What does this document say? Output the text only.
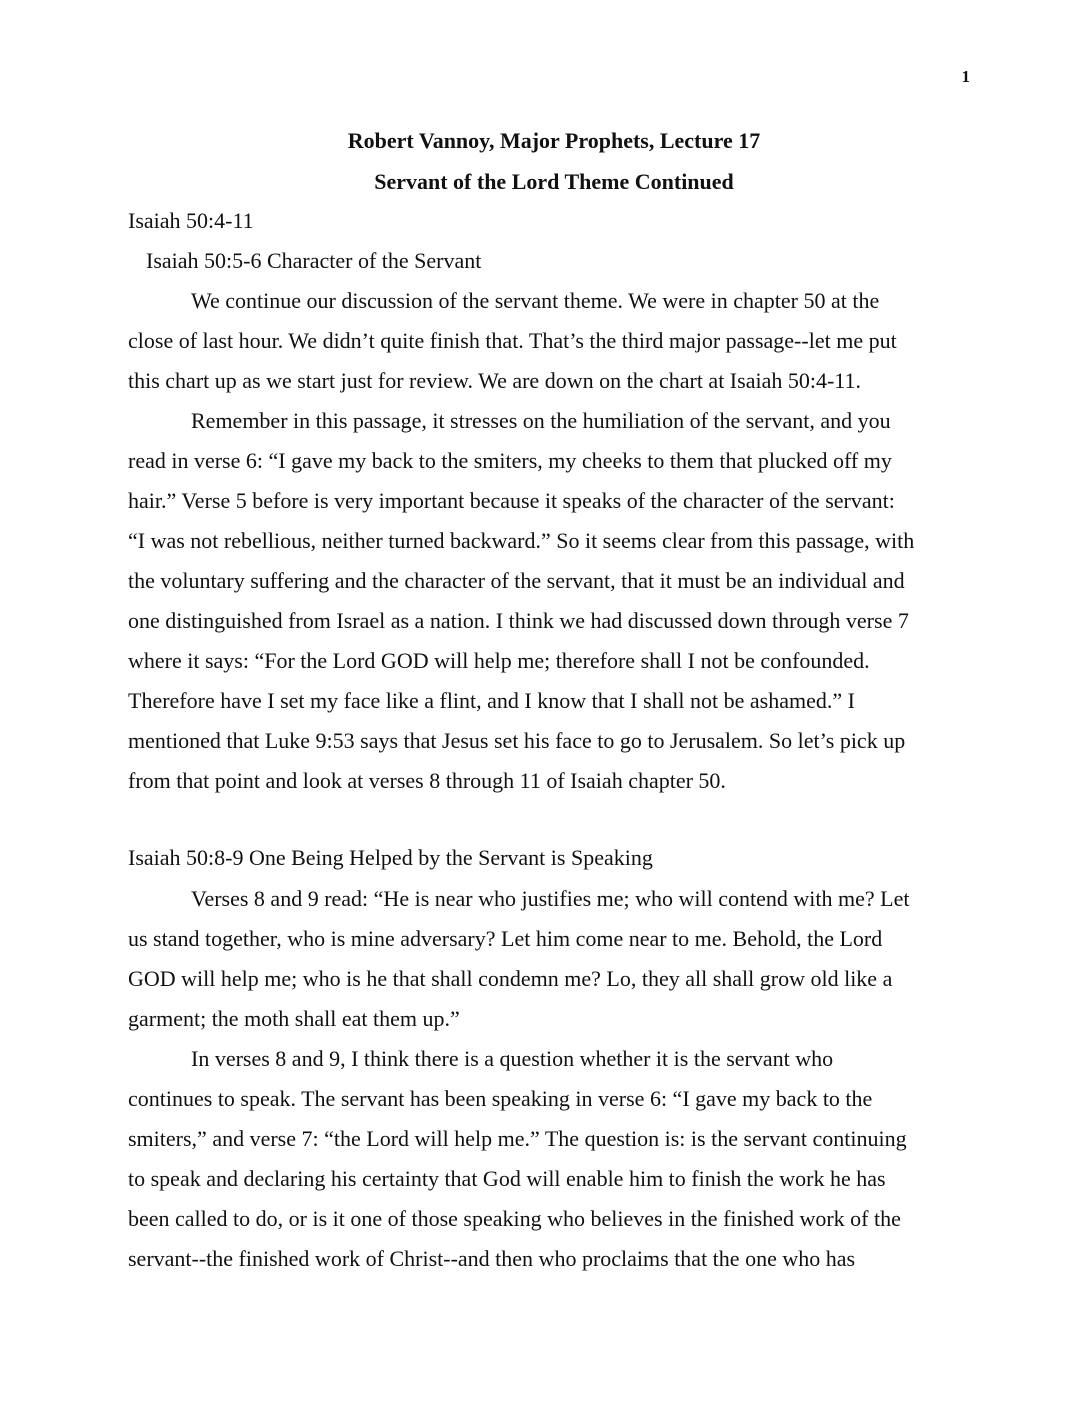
1
Robert Vannoy, Major Prophets, Lecture 17
Servant of the Lord Theme Continued
Isaiah 50:4-11
Isaiah 50:5-6 Character of the Servant
We continue our discussion of the servant theme. We were in chapter 50 at the
close of last hour. We didn’t quite finish that. That’s the third major passage--let me put
this chart up as we start just for review. We are down on the chart at Isaiah 50:4-11.
Remember in this passage, it stresses on the humiliation of the servant, and you
read in verse 6: “I gave my back to the smiters, my cheeks to them that plucked off my
hair.” Verse 5 before is very important because it speaks of the character of the servant:
“I was not rebellious, neither turned backward.” So it seems clear from this passage, with
the voluntary suffering and the character of the servant, that it must be an individual and
one distinguished from Israel as a nation. I think we had discussed down through verse 7
where it says: “For the Lord GOD will help me; therefore shall I not be confounded.
Therefore have I set my face like a flint, and I know that I shall not be ashamed.” I
mentioned that Luke 9:53 says that Jesus set his face to go to Jerusalem. So let’s pick up
from that point and look at verses 8 through 11 of Isaiah chapter 50.
Isaiah 50:8-9 One Being Helped by the Servant is Speaking
Verses 8 and 9 read: “He is near who justifies me; who will contend with me? Let
us stand together, who is mine adversary? Let him come near to me. Behold, the Lord
GOD will help me; who is he that shall condemn me? Lo, they all shall grow old like a
garment; the moth shall eat them up.”
In verses 8 and 9, I think there is a question whether it is the servant who
continues to speak. The servant has been speaking in verse 6: “I gave my back to the
smiters,” and verse 7: “the Lord will help me.” The question is: is the servant continuing
to speak and declaring his certainty that God will enable him to finish the work he has
been called to do, or is it one of those speaking who believes in the finished work of the
servant--the finished work of Christ--and then who proclaims that the one who has
